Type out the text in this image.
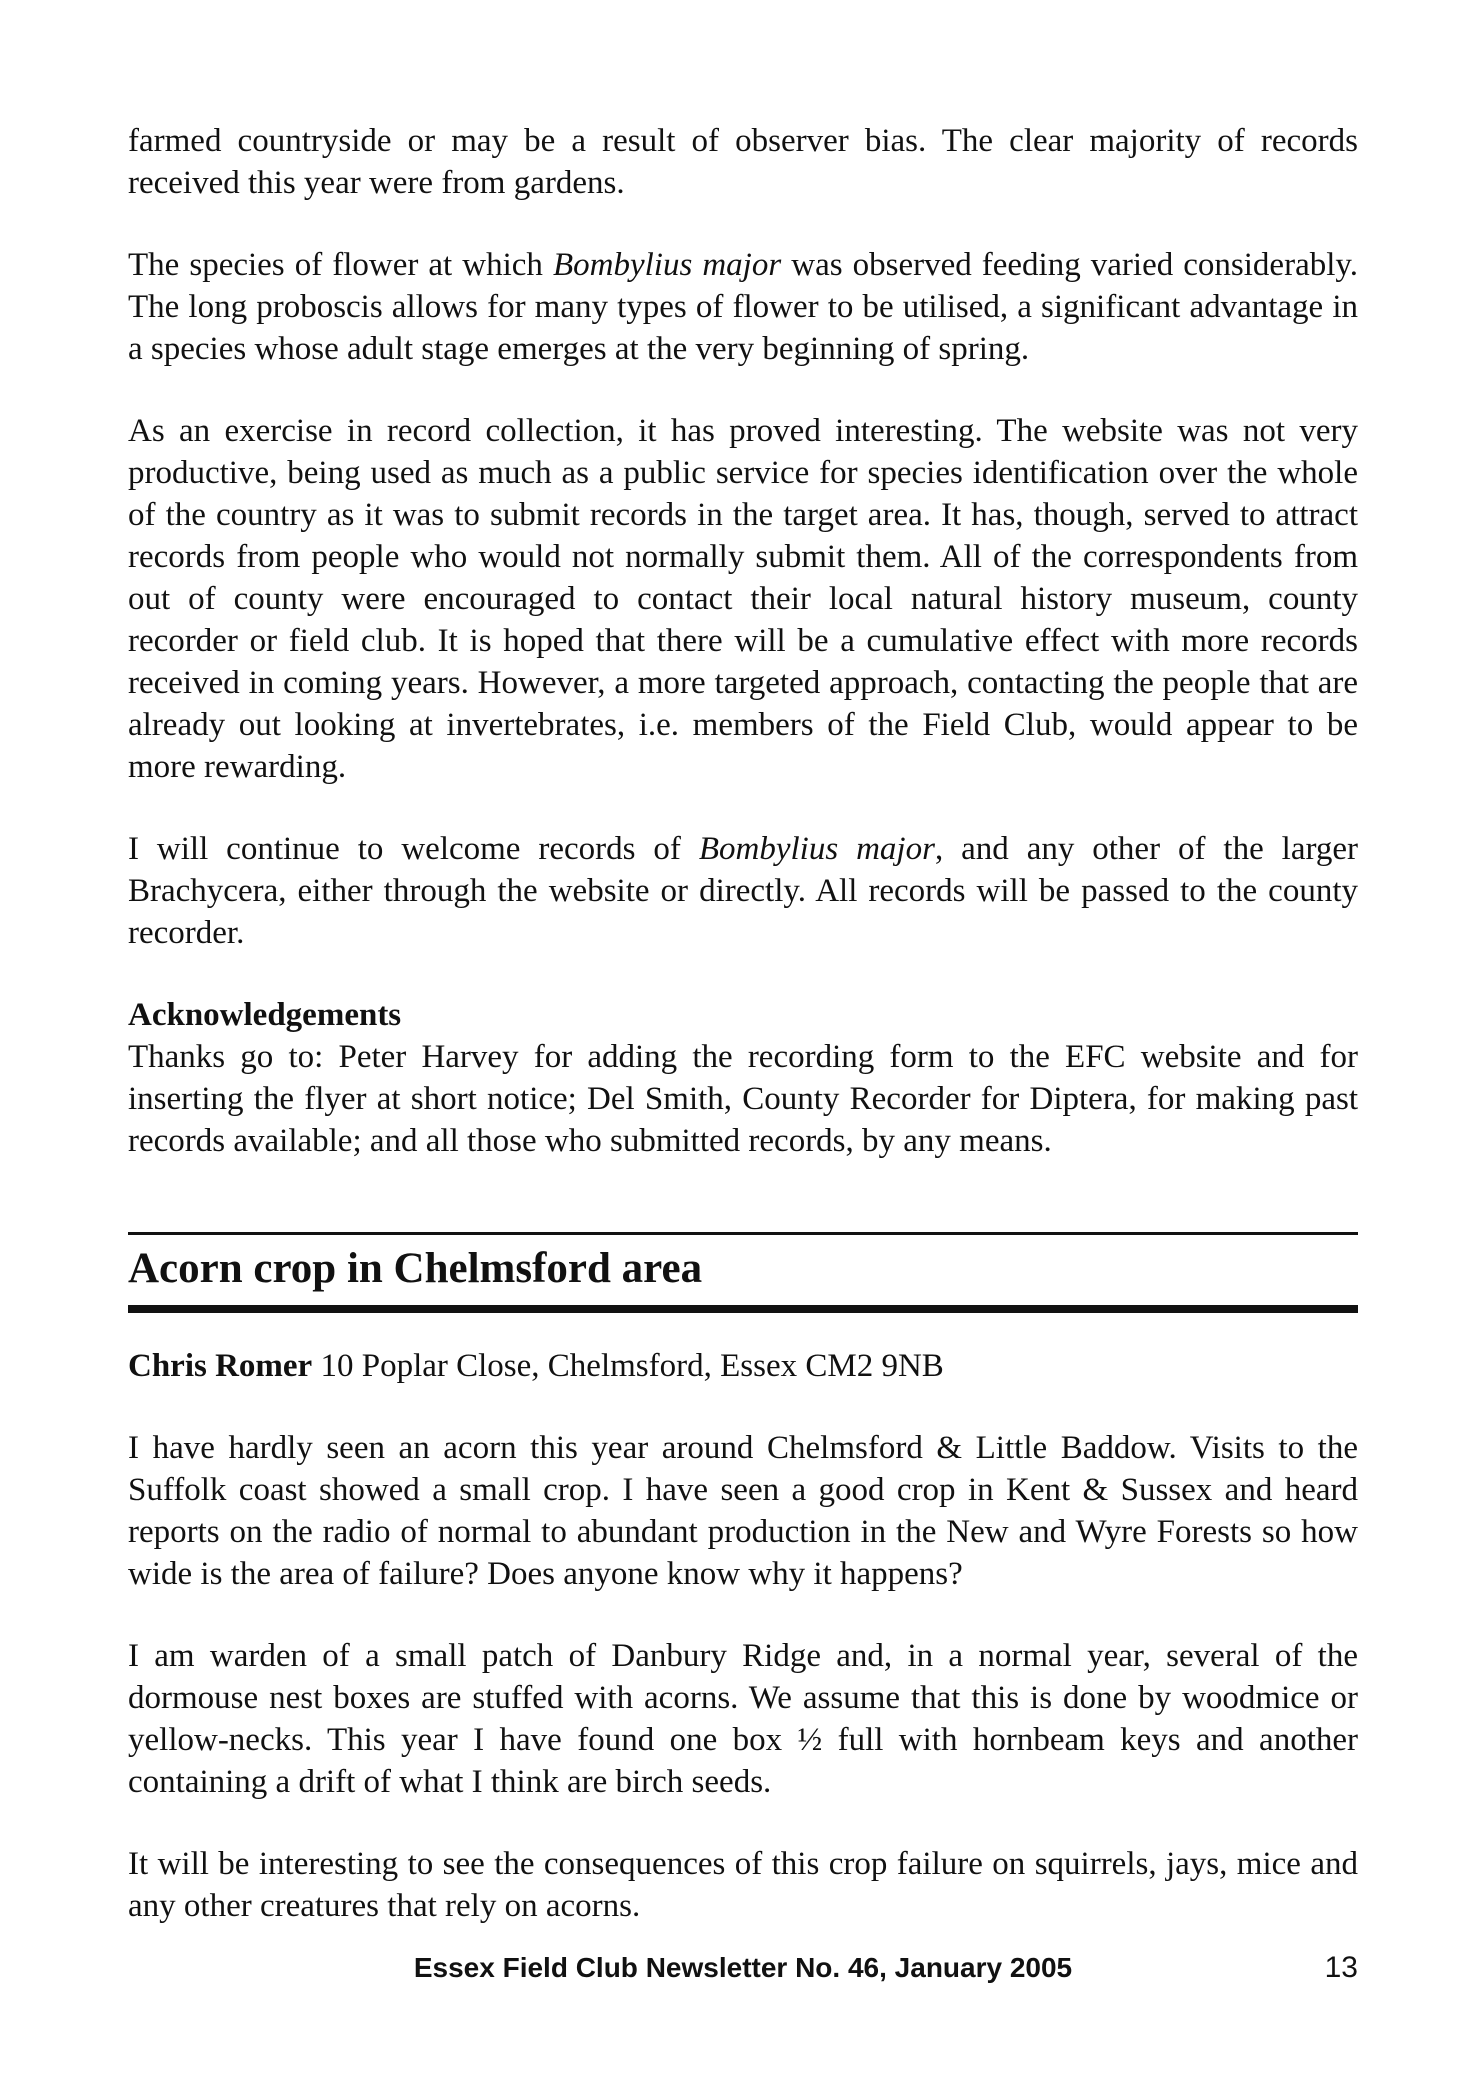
farmed countryside or may be a result of observer bias. The clear majority of records received this year were from gardens.

The species of flower at which Bombylius major was observed feeding varied considerably. The long proboscis allows for many types of flower to be utilised, a significant advantage in a species whose adult stage emerges at the very beginning of spring.

As an exercise in record collection, it has proved interesting. The website was not very productive, being used as much as a public service for species identification over the whole of the country as it was to submit records in the target area. It has, though, served to attract records from people who would not normally submit them. All of the correspondents from out of county were encouraged to contact their local natural history museum, county recorder or field club. It is hoped that there will be a cumulative effect with more records received in coming years. However, a more targeted approach, contacting the people that are already out looking at invertebrates, i.e. members of the Field Club, would appear to be more rewarding.

I will continue to welcome records of Bombylius major, and any other of the larger Brachycera, either through the website or directly. All records will be passed to the county recorder.

Acknowledgements

Thanks go to: Peter Harvey for adding the recording form to the EFC website and for inserting the flyer at short notice; Del Smith, County Recorder for Diptera, for making past records available; and all those who submitted records, by any means.

Acorn crop in Chelmsford area

Chris Romer 10 Poplar Close, Chelmsford, Essex CM2 9NB

I have hardly seen an acorn this year around Chelmsford & Little Baddow. Visits to the Suffolk coast showed a small crop. I have seen a good crop in Kent & Sussex and heard reports on the radio of normal to abundant production in the New and Wyre Forests so how wide is the area of failure? Does anyone know why it happens?

I am warden of a small patch of Danbury Ridge and, in a normal year, several of the dormouse nest boxes are stuffed with acorns. We assume that this is done by woodmice or yellow-necks. This year I have found one box ½ full with hornbeam keys and another containing a drift of what I think are birch seeds.

It will be interesting to see the consequences of this crop failure on squirrels, jays, mice and any other creatures that rely on acorns.

Essex Field Club Newsletter No. 46, January 2005	13
